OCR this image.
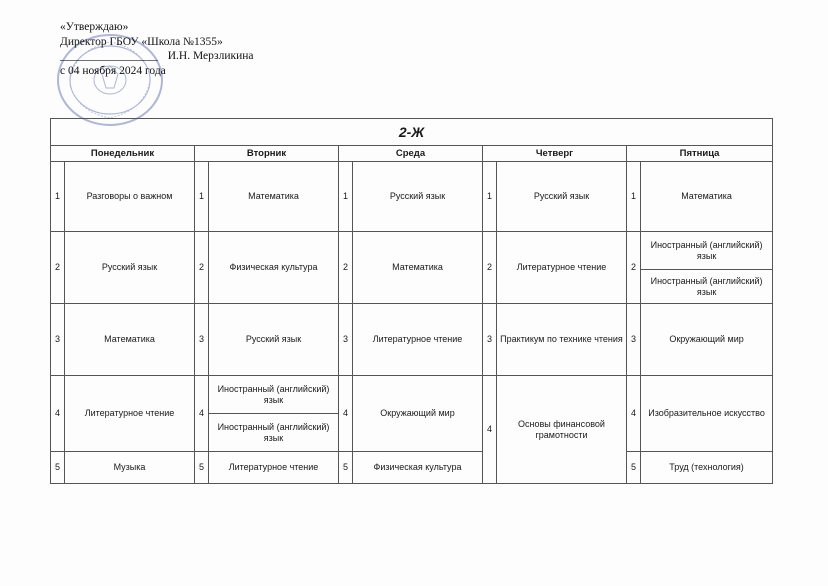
«Утверждаю»
Директор ГБОУ «Школа №1355»
_________________ И.Н. Мерзликина
с 04 ноября 2024 года
2-Ж									
Понедельник		Вторник		Среда		Четверг		Пятница	
1	Разговоры о важном	1	Математика	1	Русский язык	1	Русский язык	1	Математика
2	Русский язык	2	Физическая культура	2	Математика	2	Литературное чтение	2	Иностранный (английский) язык
									Иностранный (английский) язык
3	Математика	3	Русский язык	3	Литературное чтение	3	Практикум по технике чтения	3	Окружающий мир
4	Литературное чтение	4	Иностранный (английский) язык	4	Окружающий мир	4	Основы финансовой грамотности	4	Изобразительное искусство
			Иностранный (английский) язык						
5	Музыка	5	Литературное чтение	5	Физическая культура			5	Труд (технология)
